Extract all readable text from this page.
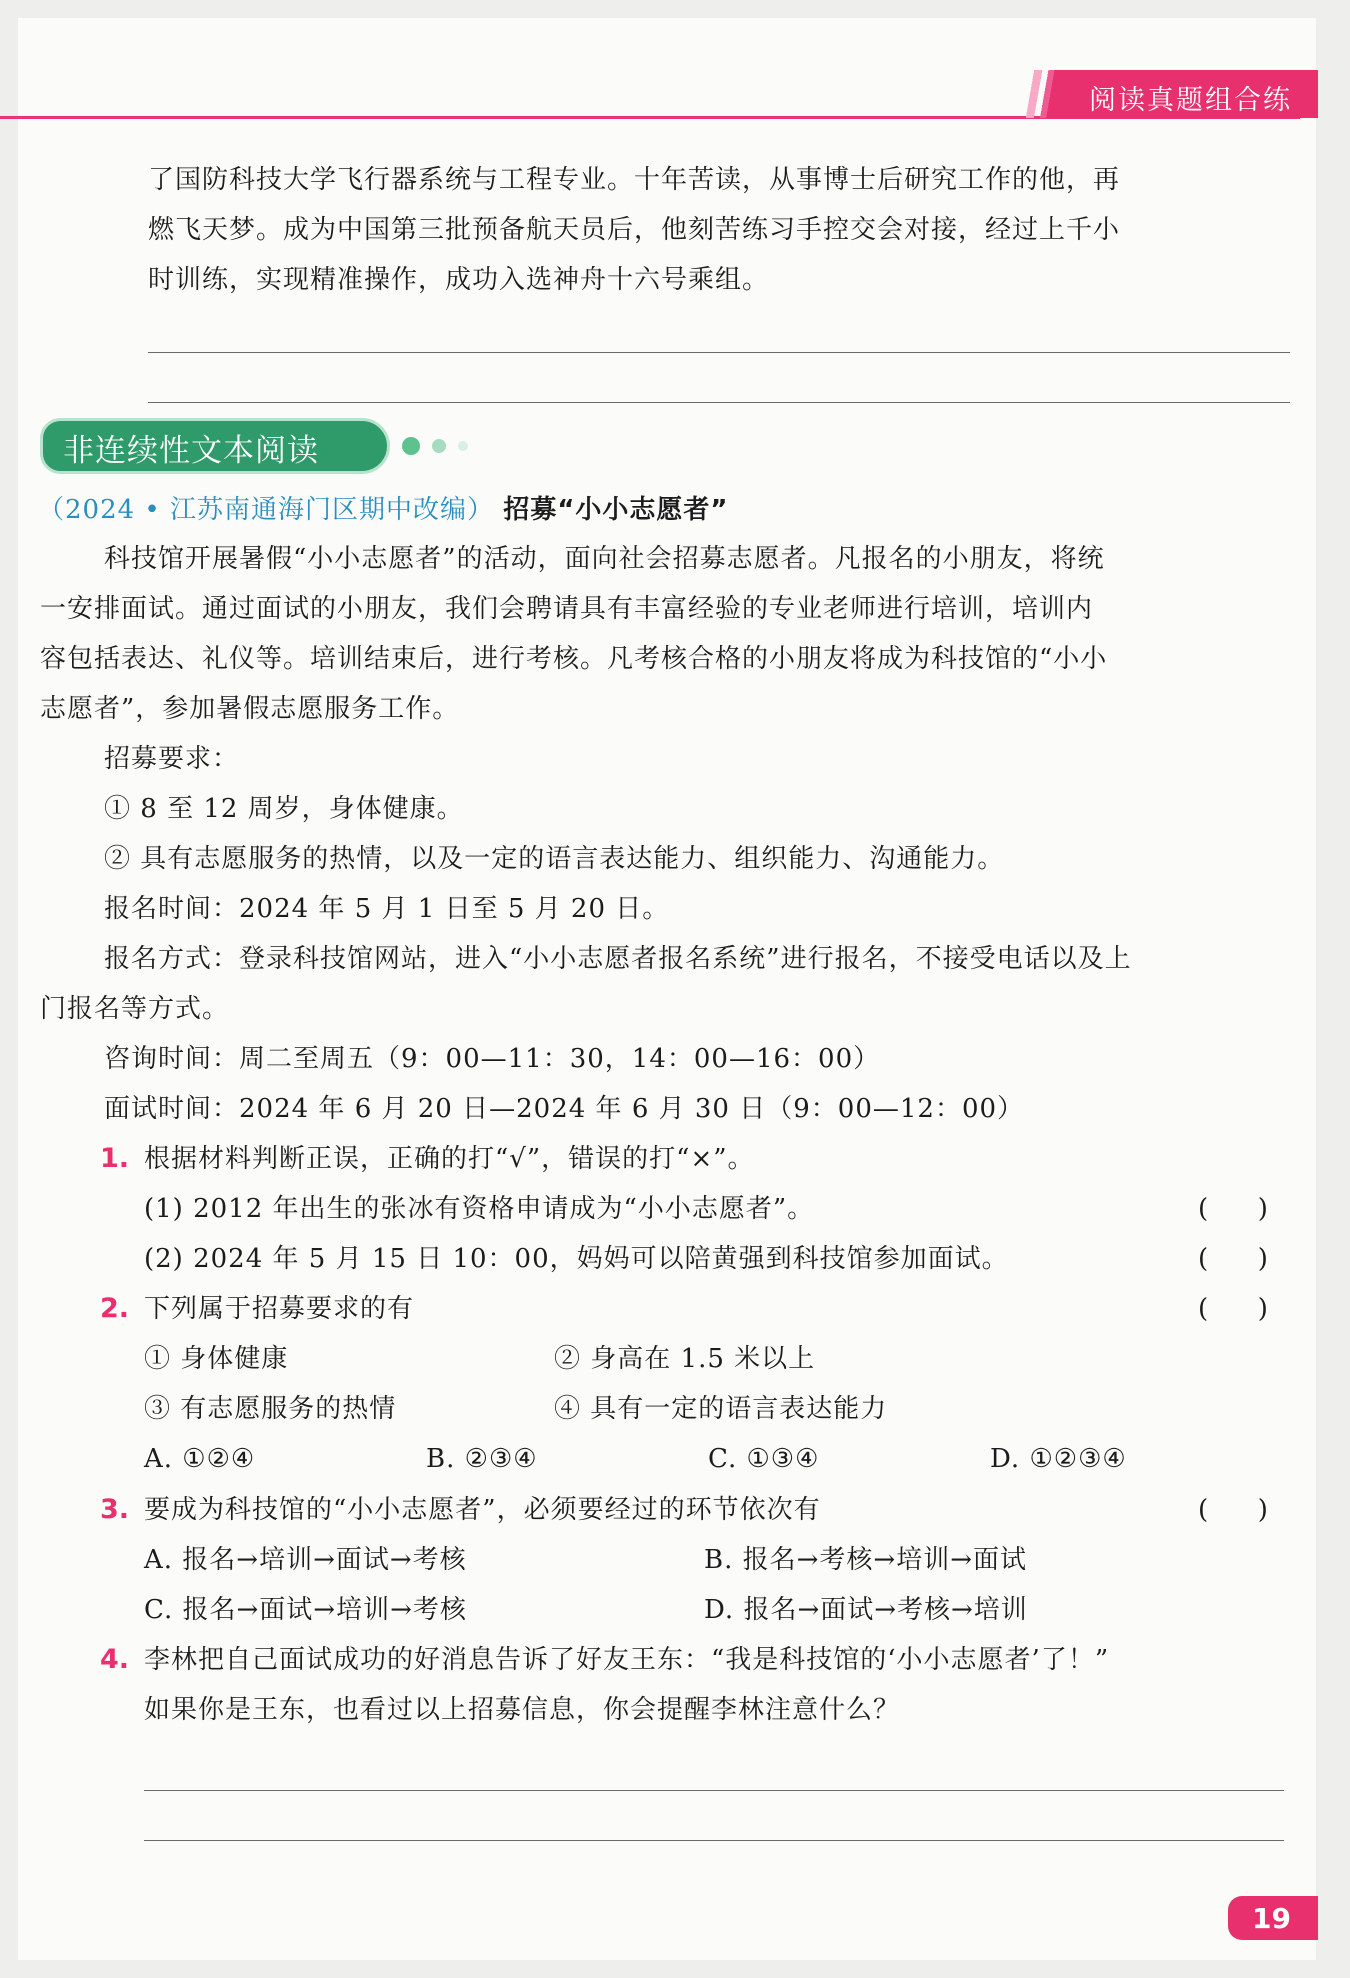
阅读真题组合练
了国防科技大学飞行器系统与工程专业。十年苦读，从事博士后研究工作的他，再
燃飞天梦。成为中国第三批预备航天员后，他刻苦练习手控交会对接，经过上千小
时训练，实现精准操作，成功入选神舟十六号乘组。
非连续性文本阅读
（2024 • 江苏南通海门区期中改编） 招募“小小志愿者”
科技馆开展暑假“小小志愿者”的活动，面向社会招募志愿者。凡报名的小朋友，将统
一安排面试。通过面试的小朋友，我们会聘请具有丰富经验的专业老师进行培训，培训内
容包括表达、礼仪等。培训结束后，进行考核。凡考核合格的小朋友将成为科技馆的“小小
志愿者”，参加暑假志愿服务工作。
招募要求：
① 8 至 12 周岁，身体健康。
② 具有志愿服务的热情，以及一定的语言表达能力、组织能力、沟通能力。
报名时间：2024 年 5 月 1 日至 5 月 20 日。
报名方式：登录科技馆网站，进入“小小志愿者报名系统”进行报名，不接受电话以及上
门报名等方式。
咨询时间：周二至周五（9：00—11：30，14：00—16：00）
面试时间：2024 年 6 月 20 日—2024 年 6 月 30 日（9：00—12：00）
1. 根据材料判断正误，正确的打“√”，错误的打“×”。
(1) 2012 年出生的张冰有资格申请成为“小小志愿者”。	(      )
(2) 2024 年 5 月 15 日 10：00，妈妈可以陪黄强到科技馆参加面试。	(      )
2. 下列属于招募要求的有	(      )
① 身体健康	② 身高在 1.5 米以上
③ 有志愿服务的热情	④ 具有一定的语言表达能力
A. ①②④	B. ②③④	C. ①③④	D. ①②③④
3. 要成为科技馆的“小小志愿者”，必须要经过的环节依次有	(      )
A. 报名→培训→面试→考核	B. 报名→考核→培训→面试
C. 报名→面试→培训→考核	D. 报名→面试→考核→培训
4. 李林把自己面试成功的好消息告诉了好友王东：“我是科技馆的‘小小志愿者’了！”
如果你是王东，也看过以上招募信息，你会提醒李林注意什么？
19
